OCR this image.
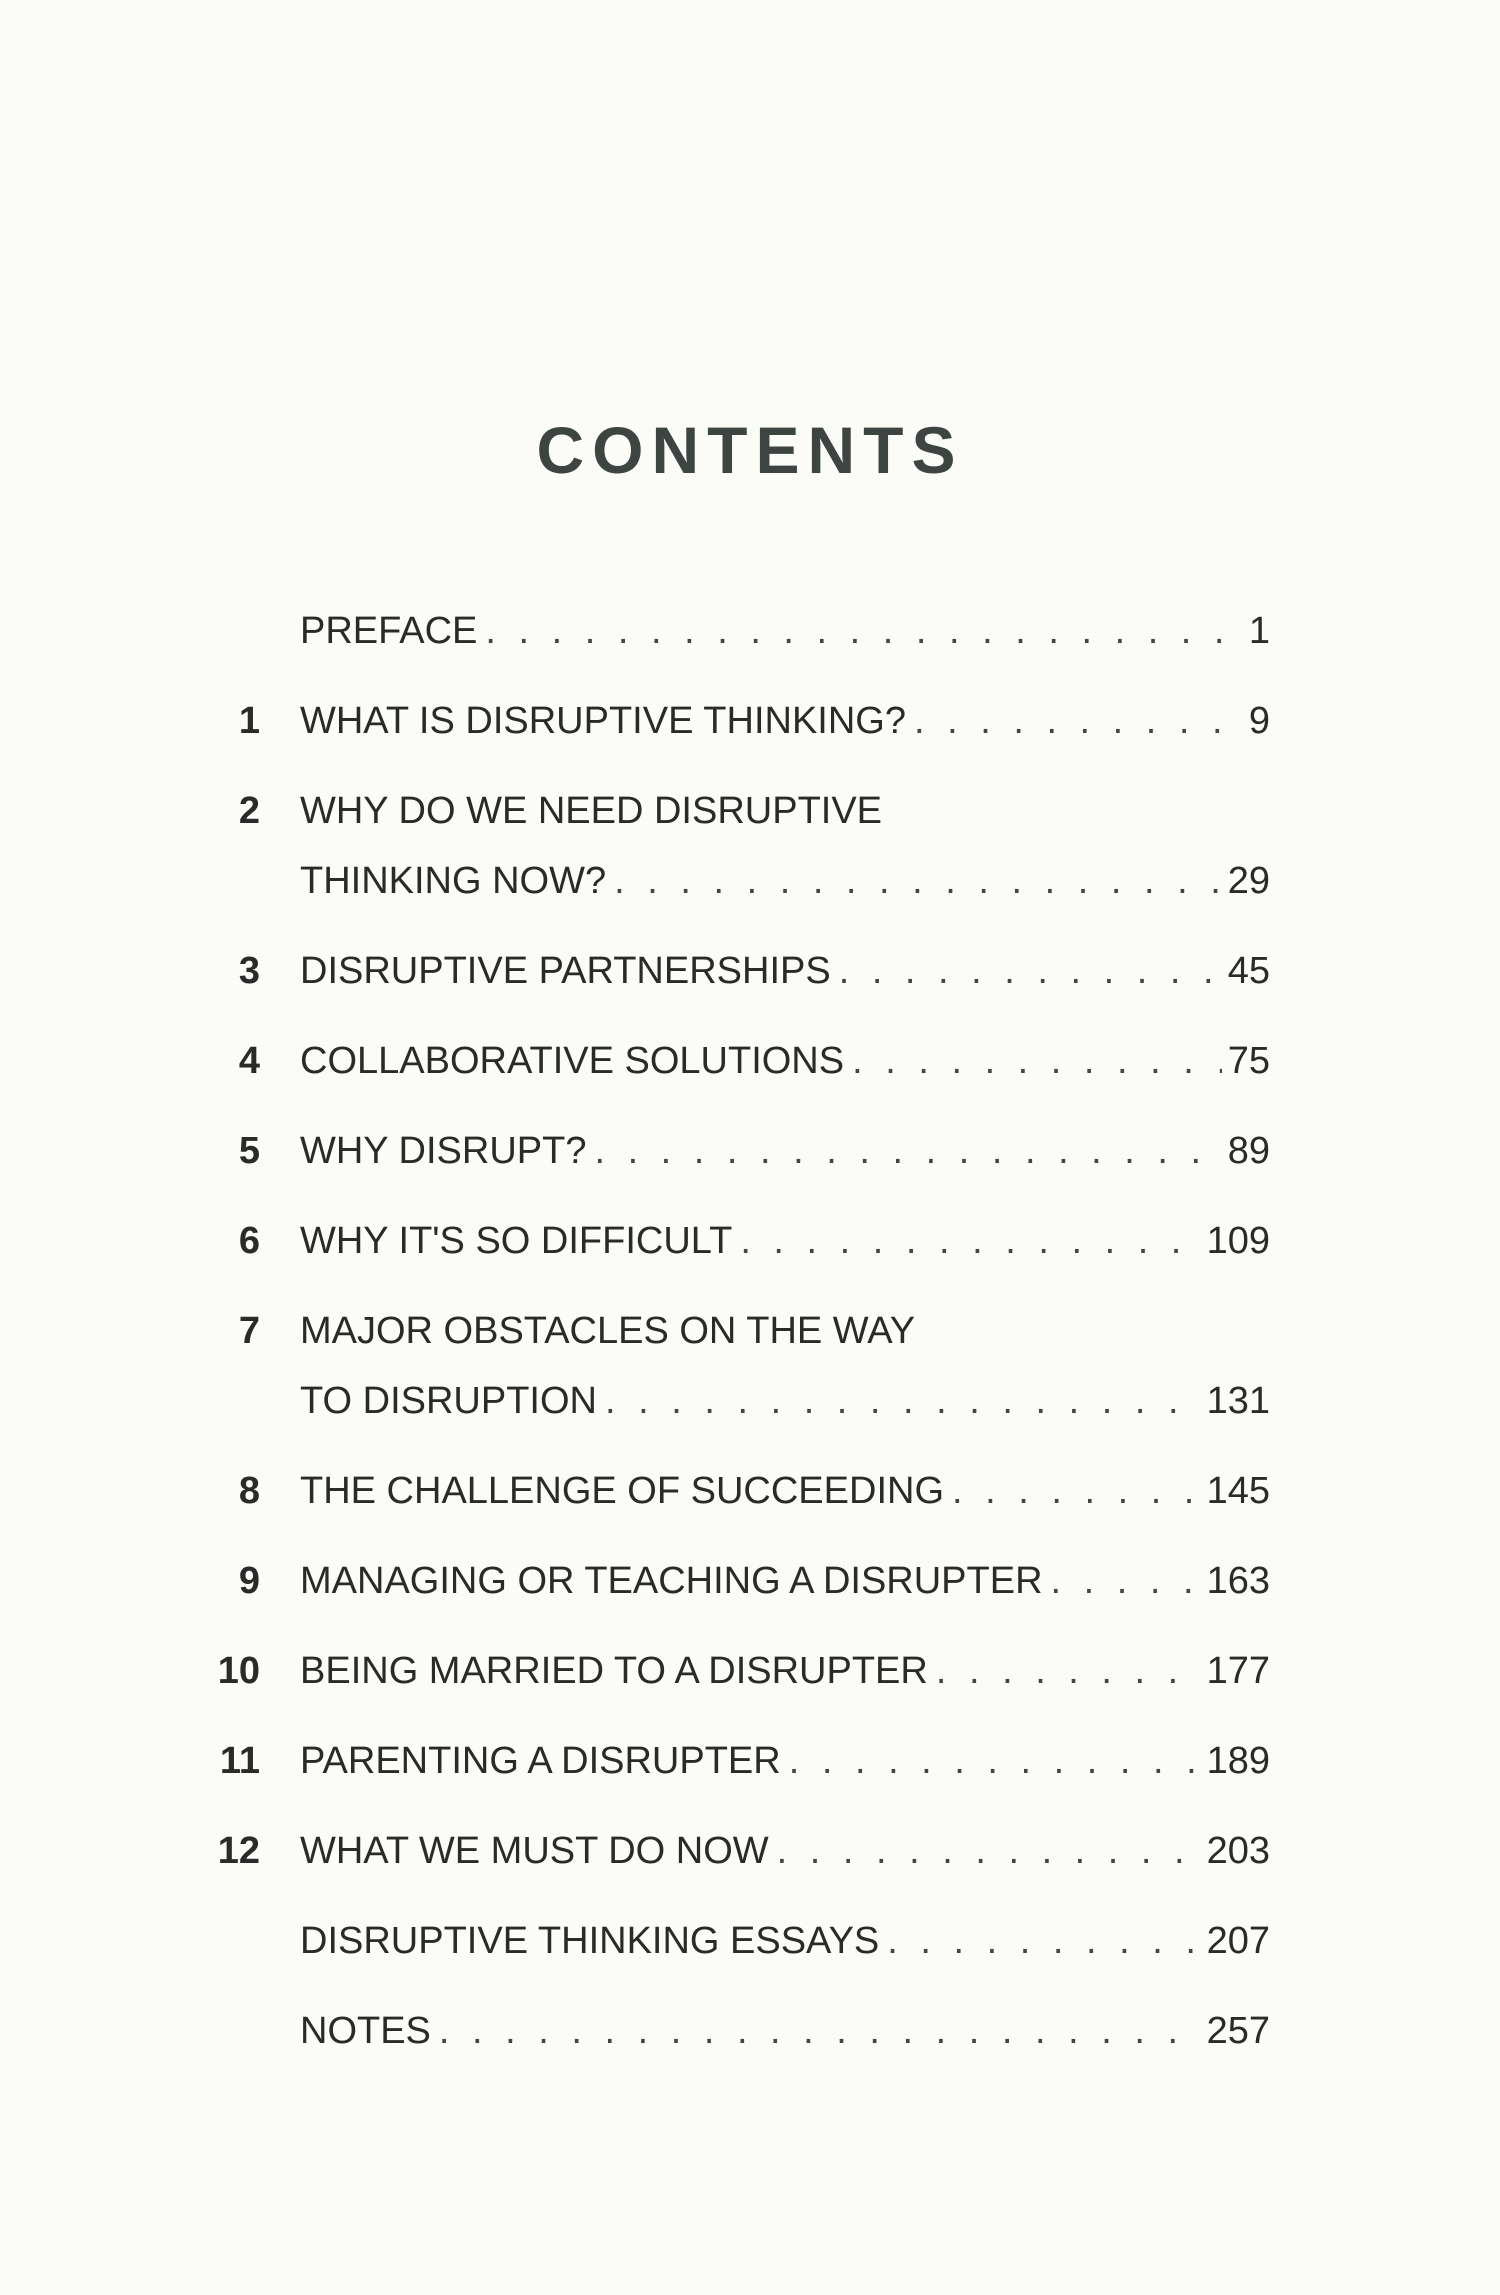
CONTENTS
PREFACE . . .	1
1 WHAT IS DISRUPTIVE THINKING? . . .	9
2 WHY DO WE NEED DISRUPTIVE
THINKING NOW? . . .	29
3 DISRUPTIVE PARTNERSHIPS . . .	45
4 COLLABORATIVE SOLUTIONS . . .	75
5 WHY DISRUPT? . . .	89
6 WHY IT'S SO DIFFICULT . . .	109
7 MAJOR OBSTACLES ON THE WAY
TO DISRUPTION . . .	131
8 THE CHALLENGE OF SUCCEEDING . . .	145
9 MANAGING OR TEACHING A DISRUPTER . . .	163
10 BEING MARRIED TO A DISRUPTER . . .	177
11 PARENTING A DISRUPTER . . .	189
12 WHAT WE MUST DO NOW . . .	203
DISRUPTIVE THINKING ESSAYS . . .	207
NOTES . . .	257
